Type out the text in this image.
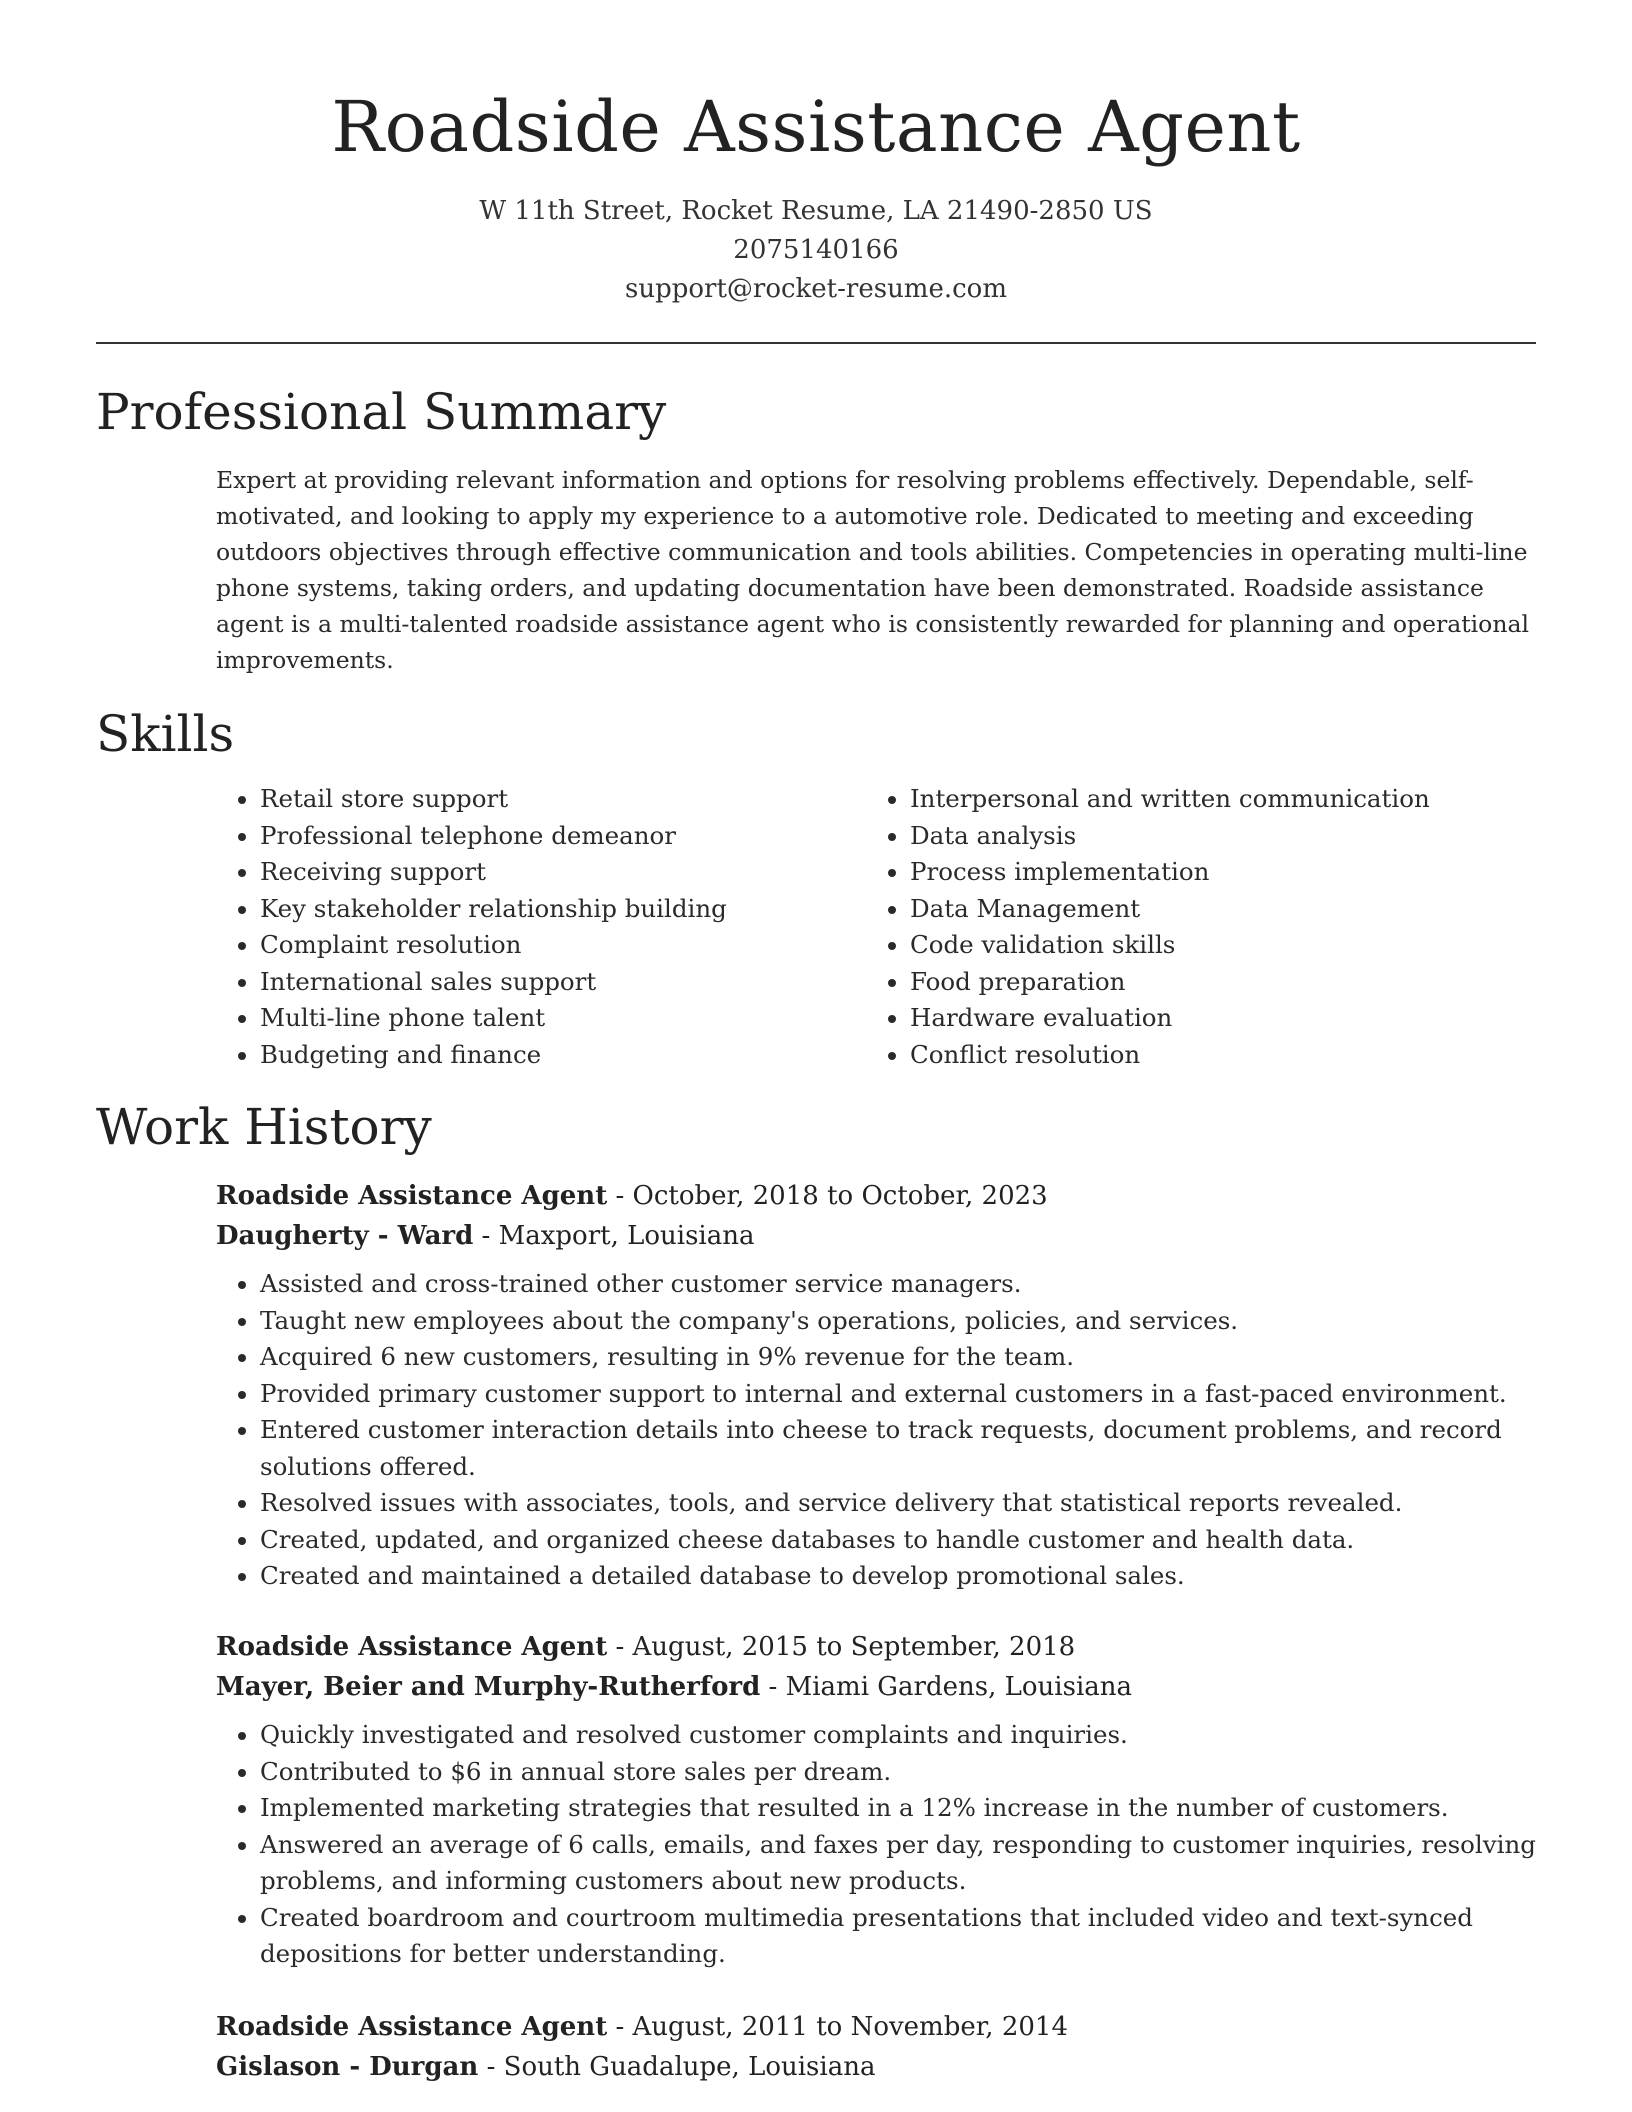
Roadside Assistance Agent
W 11th Street, Rocket Resume, LA 21490-2850 US
2075140166
support@rocket-resume.com
Professional Summary

Expert at providing relevant information and options for resolving problems effectively. Dependable, self-motivated, and looking to apply my experience to a automotive role. Dedicated to meeting and exceeding outdoors objectives through effective communication and tools abilities. Competencies in operating multi-line phone systems, taking orders, and updating documentation have been demonstrated. Roadside assistance agent is a multi-talented roadside assistance agent who is consistently rewarded for planning and operational improvements.

Skills
• Retail store support
• Professional telephone demeanor
• Receiving support
• Key stakeholder relationship building
• Complaint resolution
• International sales support
• Multi-line phone talent
• Budgeting and finance
• Interpersonal and written communication
• Data analysis
• Process implementation
• Data Management
• Code validation skills
• Food preparation
• Hardware evaluation
• Conflict resolution
Work History
Roadside Assistance Agent - October, 2018 to October, 2023
Daugherty - Ward - Maxport, Louisiana
• Assisted and cross-trained other customer service managers.
• Taught new employees about the company's operations, policies, and services.
• Acquired 6 new customers, resulting in 9% revenue for the team.
• Provided primary customer support to internal and external customers in a fast-paced environment.
• Entered customer interaction details into cheese to track requests, document problems, and record solutions offered.
• Resolved issues with associates, tools, and service delivery that statistical reports revealed.
• Created, updated, and organized cheese databases to handle customer and health data.
• Created and maintained a detailed database to develop promotional sales.
Roadside Assistance Agent - August, 2015 to September, 2018
Mayer, Beier and Murphy-Rutherford - Miami Gardens, Louisiana
• Quickly investigated and resolved customer complaints and inquiries.
• Contributed to $6 in annual store sales per dream.
• Implemented marketing strategies that resulted in a 12% increase in the number of customers.
• Answered an average of 6 calls, emails, and faxes per day, responding to customer inquiries, resolving problems, and informing customers about new products.
• Created boardroom and courtroom multimedia presentations that included video and text-synced depositions for better understanding.
Roadside Assistance Agent - August, 2011 to November, 2014
Gislason - Durgan - South Guadalupe, Louisiana
